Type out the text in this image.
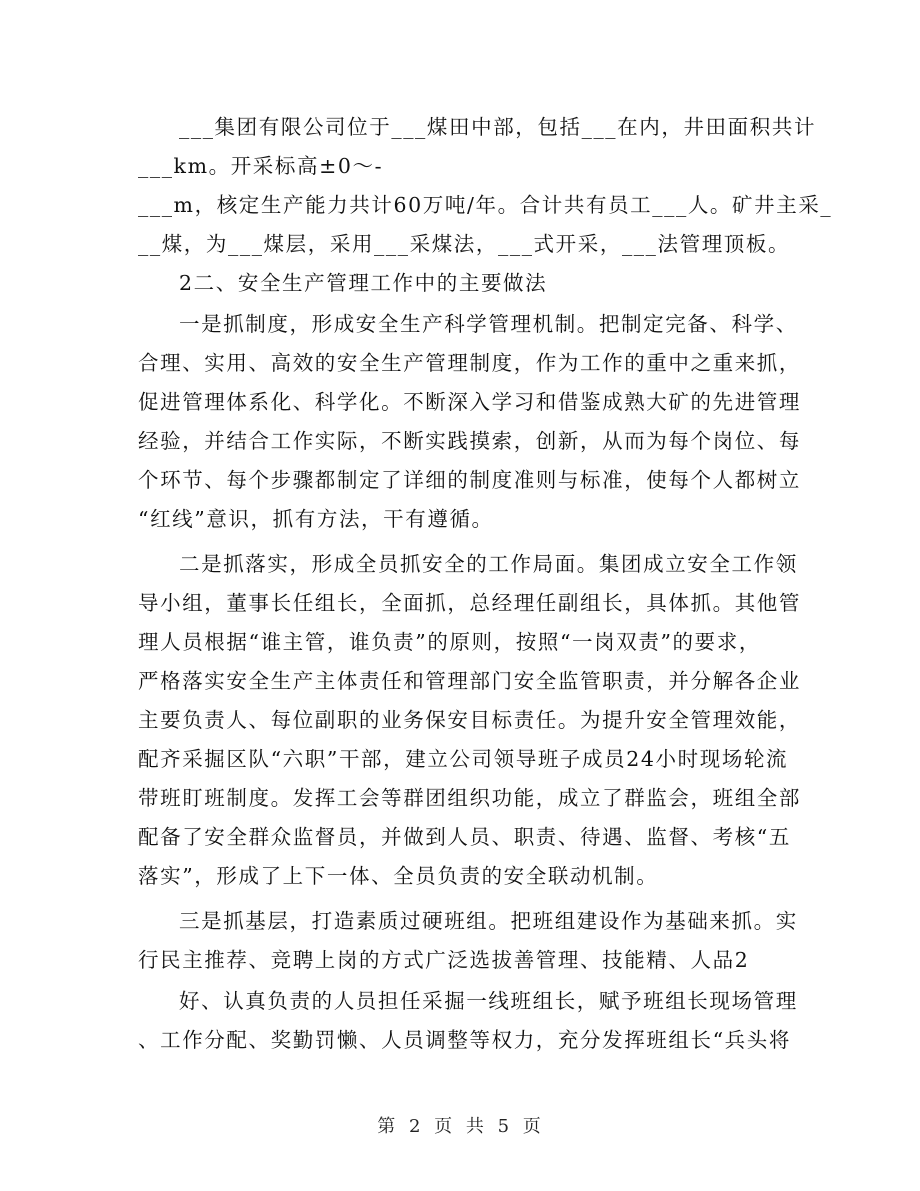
___集团有限公司位于___煤田中部，包括___在内，井田面积共计
___km。开采标高±0～-
___m，核定生产能力共计60万吨/年。合计共有员工___人。矿井主采_
__煤，为___煤层，采用___采煤法，___式开采，___法管理顶板。
2二、安全生产管理工作中的主要做法
一是抓制度，形成安全生产科学管理机制。把制定完备、科学、
合理、实用、高效的安全生产管理制度，作为工作的重中之重来抓，
促进管理体系化、科学化。不断深入学习和借鉴成熟大矿的先进管理
经验，并结合工作实际，不断实践摸索，创新，从而为每个岗位、每
个环节、每个步骤都制定了详细的制度准则与标准，使每个人都树立
“红线”意识，抓有方法，干有遵循。
二是抓落实，形成全员抓安全的工作局面。集团成立安全工作领
导小组，董事长任组长，全面抓，总经理任副组长，具体抓。其他管
理人员根据“谁主管，谁负责”的原则，按照“一岗双责”的要求，
严格落实安全生产主体责任和管理部门安全监管职责，并分解各企业
主要负责人、每位副职的业务保安目标责任。为提升安全管理效能，
配齐采掘区队“六职”干部，建立公司领导班子成员24小时现场轮流
带班盯班制度。发挥工会等群团组织功能，成立了群监会，班组全部
配备了安全群众监督员，并做到人员、职责、待遇、监督、考核“五
落实”，形成了上下一体、全员负责的安全联动机制。
三是抓基层，打造素质过硬班组。把班组建设作为基础来抓。实
行民主推荐、竞聘上岗的方式广泛选拔善管理、技能精、人品2
好、认真负责的人员担任采掘一线班组长，赋予班组长现场管理
、工作分配、奖勤罚懒、人员调整等权力，充分发挥班组长“兵头将
第 2 页 共 5 页
